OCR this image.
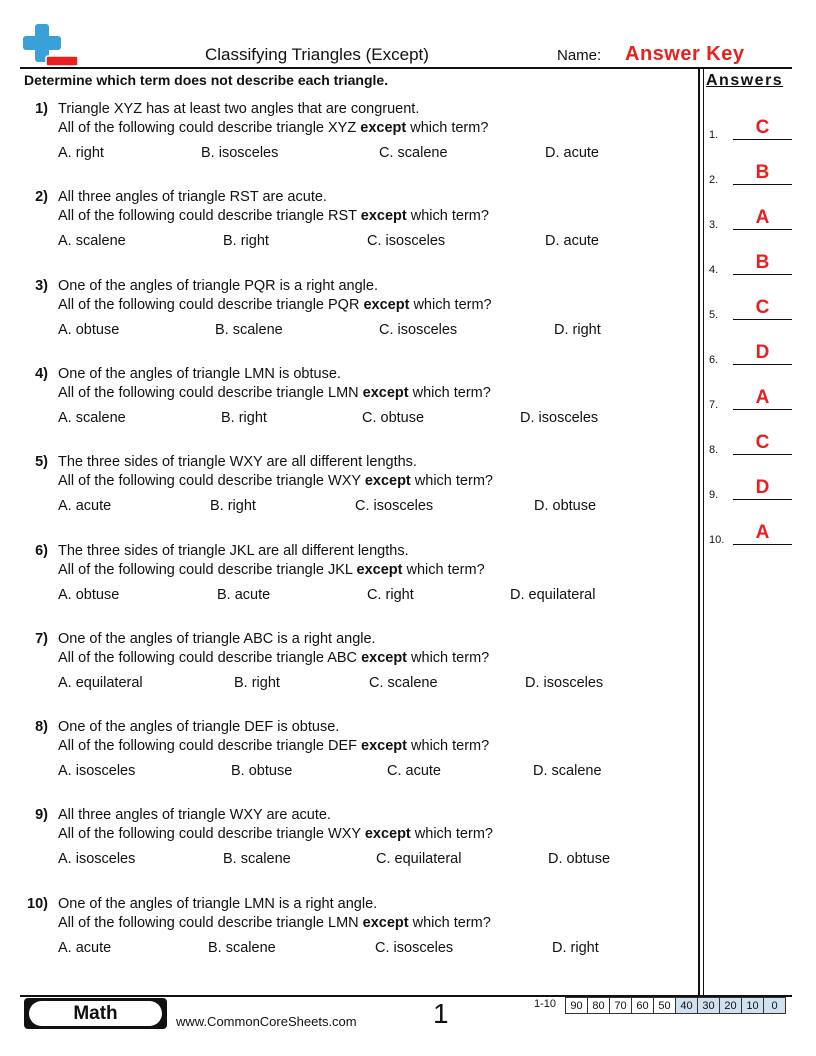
Classifying Triangles (Except)	Name: Answer Key
Determine which term does not describe each triangle.	Answers
1.	C
2.	B
3.	A
4.	B
5.	C
6.	D
7.	A
8.	C
9.	D
10.	A
1) Triangle XYZ has at least two angles that are congruent.
All of the following could describe triangle XYZ except which term?
A. right	B. isosceles	C. scalene	D. acute
2) All three angles of triangle RST are acute.
All of the following could describe triangle RST except which term?
A. scalene	B. right	C. isosceles	D. acute
3) One of the angles of triangle PQR is a right angle.
All of the following could describe triangle PQR except which term?
A. obtuse	B. scalene	C. isosceles	D. right
4) One of the angles of triangle LMN is obtuse.
All of the following could describe triangle LMN except which term?
A. scalene	B. right	C. obtuse	D. isosceles
5) The three sides of triangle WXY are all different lengths.
All of the following could describe triangle WXY except which term?
A. acute	B. right	C. isosceles	D. obtuse
6) The three sides of triangle JKL are all different lengths.
All of the following could describe triangle JKL except which term?
A. obtuse	B. acute	C. right	D. equilateral
7) One of the angles of triangle ABC is a right angle.
All of the following could describe triangle ABC except which term?
A. equilateral	B. right	C. scalene	D. isosceles
8) One of the angles of triangle DEF is obtuse.
All of the following could describe triangle DEF except which term?
A. isosceles	B. obtuse	C. acute	D. scalene
9) All three angles of triangle WXY are acute.
All of the following could describe triangle WXY except which term?
A. isosceles	B. scalene	C. equilateral	D. obtuse
10) One of the angles of triangle LMN is a right angle.
All of the following could describe triangle LMN except which term?
A. acute	B. scalene	C. isosceles	D. right
Math	www.CommonCoreSheets.com	1	1-10 90	80	70	60	50	40	30	20	10	0
